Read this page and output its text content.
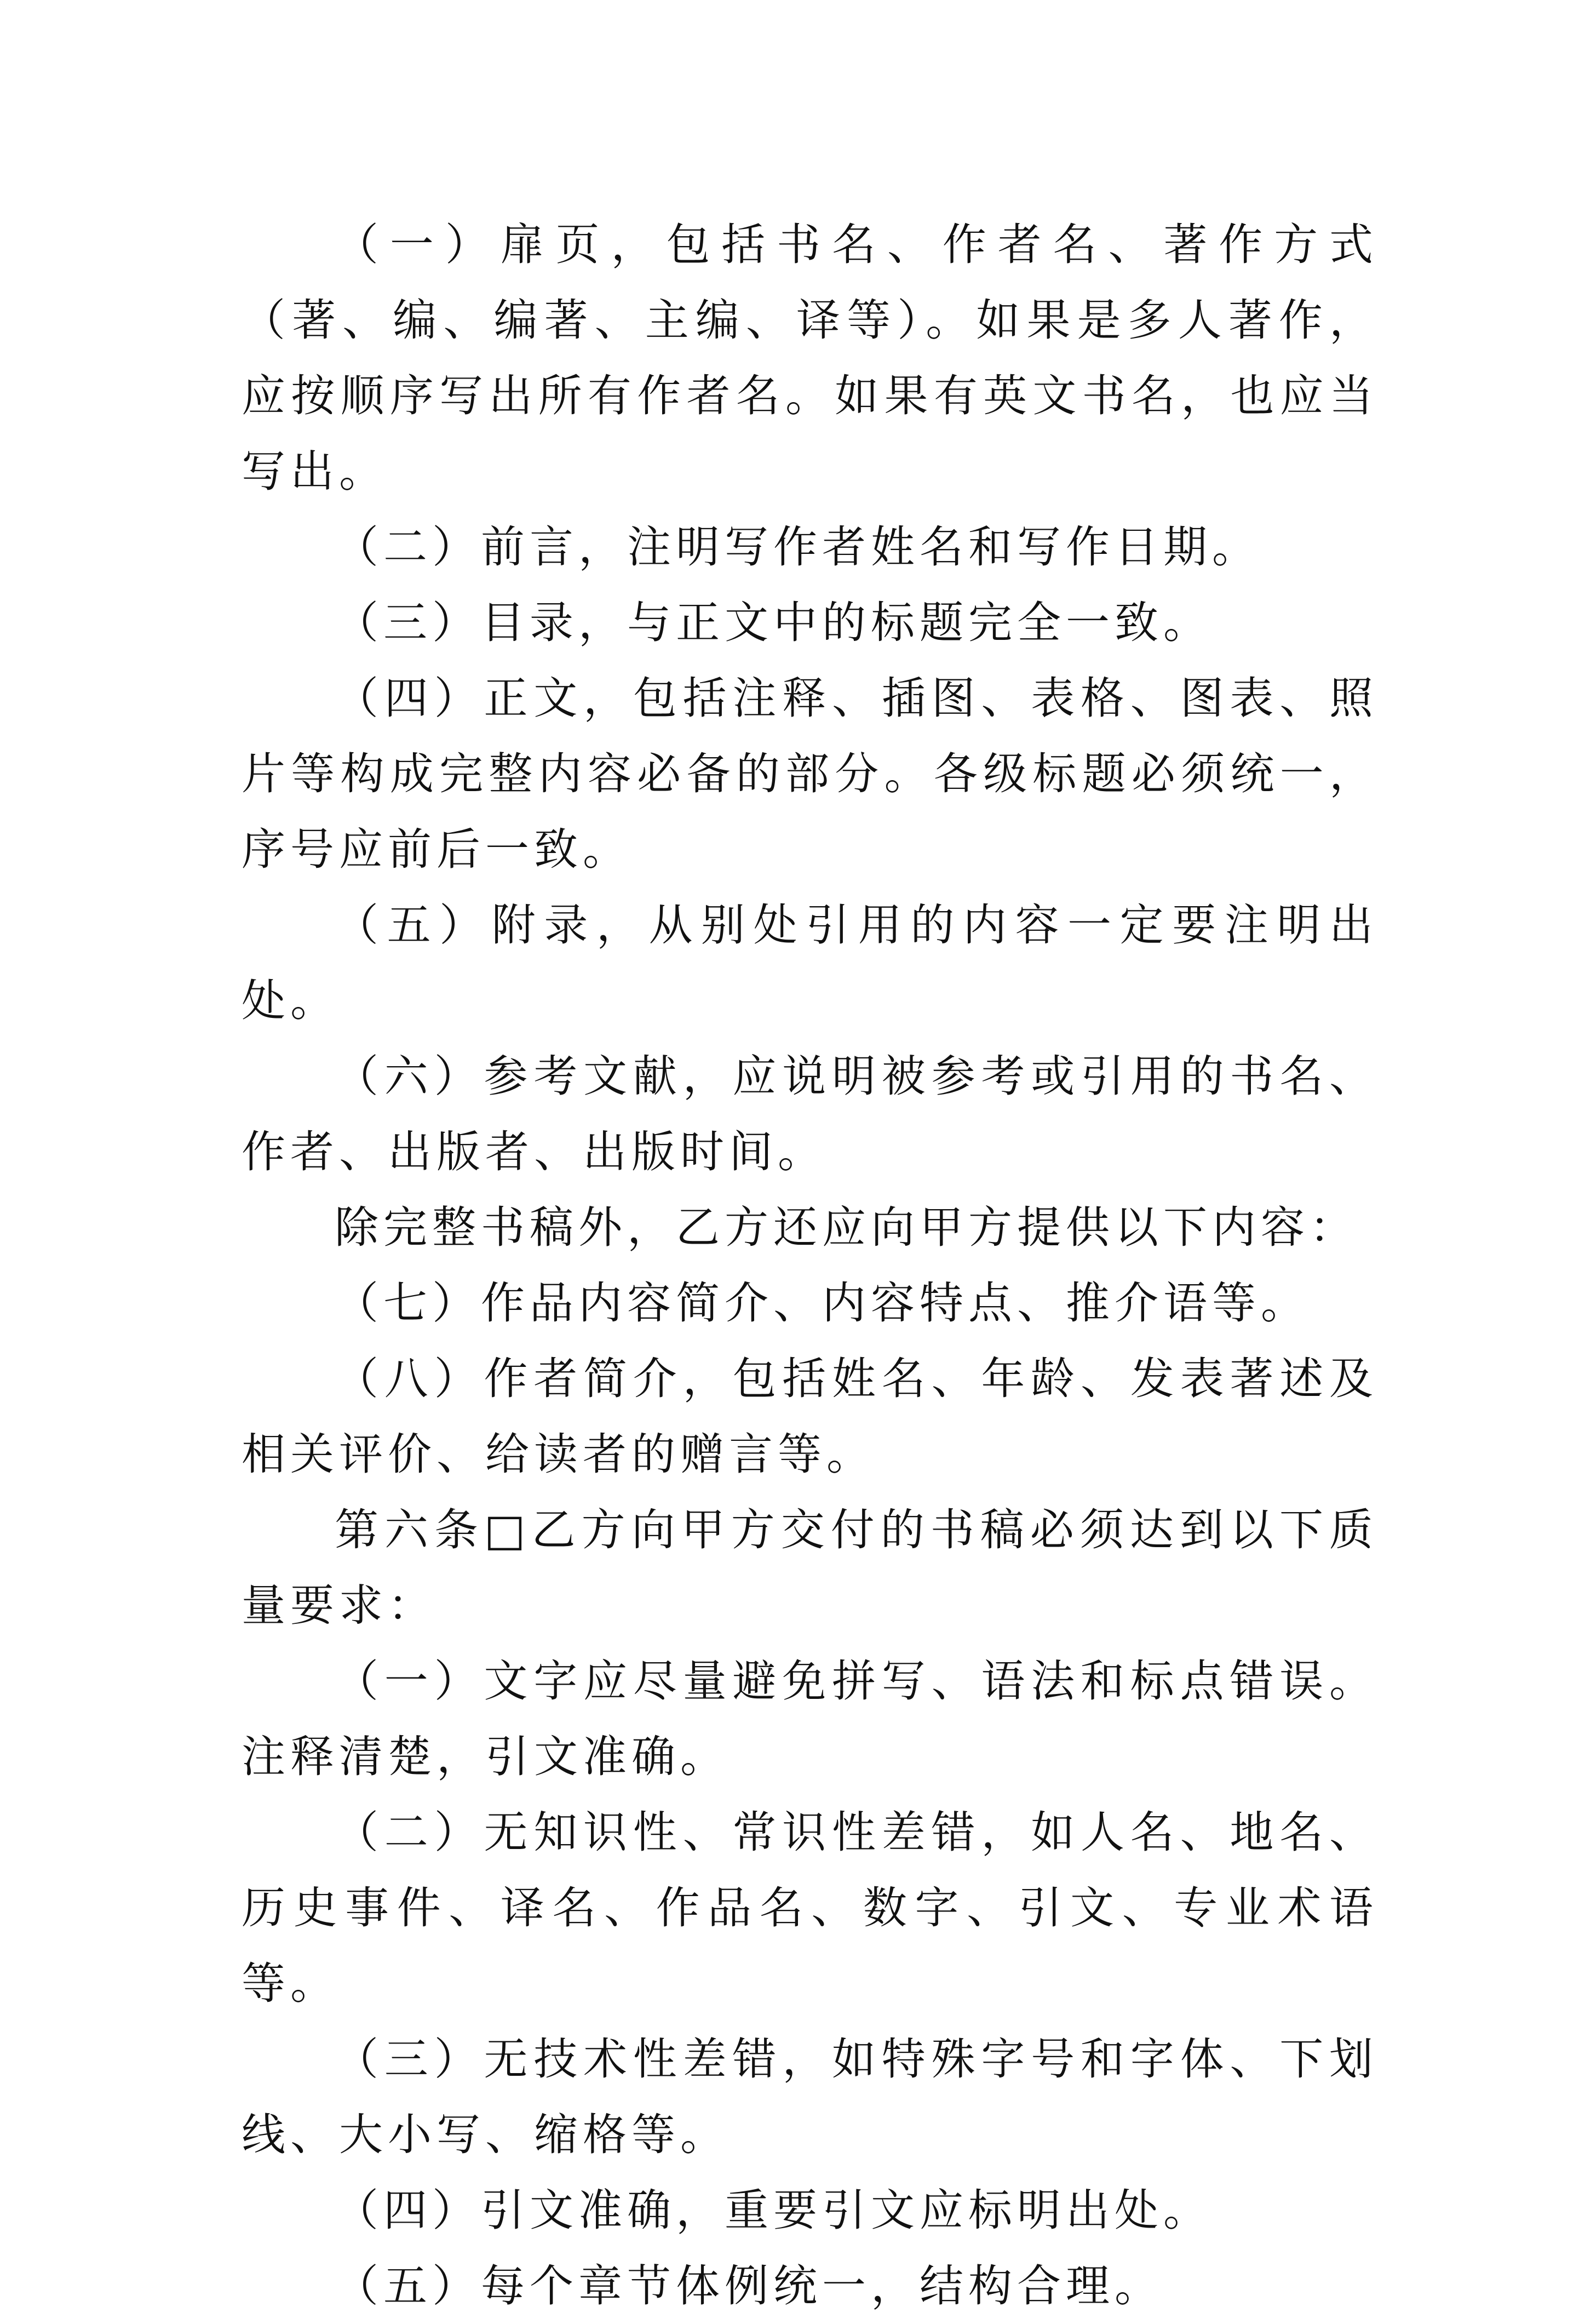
（一）扉页，包括书名、作者名、著作方式（著、编、编著、主编、译等）。如果是多人著作，应按顺序写出所有作者名。如果有英文书名，也应当写出。

（二）前言，注明写作者姓名和写作日期。

（三）目录，与正文中的标题完全一致。

（四）正文，包括注释、插图、表格、图表、照片等构成完整内容必备的部分。各级标题必须统一，序号应前后一致。

（五）附录，从别处引用的内容一定要注明出处。

（六）参考文献，应说明被参考或引用的书名、作者、出版者、出版时间。

除完整书稿外，乙方还应向甲方提供以下内容：

（七）作品内容简介、内容特点、推介语等。

（八）作者简介，包括姓名、年龄、发表著述及相关评价、给读者的赠言等。

第六条□乙方向甲方交付的书稿必须达到以下质量要求：

（一）文字应尽量避免拼写、语法和标点错误。注释清楚，引文准确。

（二）无知识性、常识性差错，如人名、地名、历史事件、译名、作品名、数字、引文、专业术语等。

（三）无技术性差错，如特殊字号和字体、下划线、大小写、缩格等。

（四）引文准确，重要引文应标明出处。

（五）每个章节体例统一，结构合理。
